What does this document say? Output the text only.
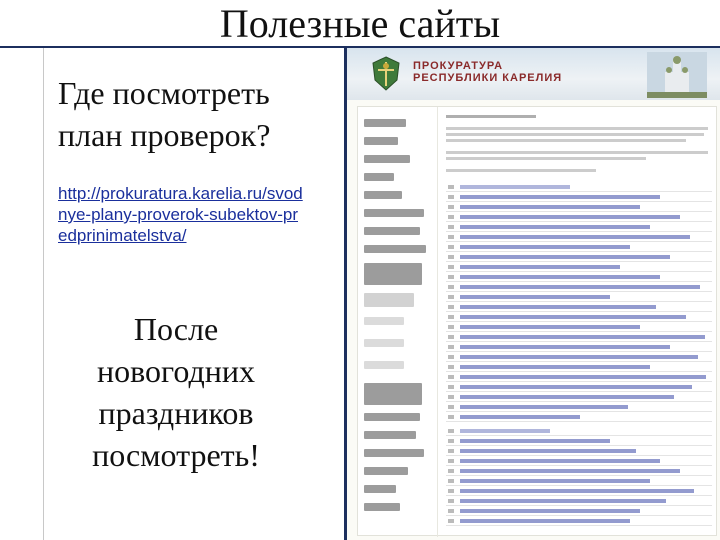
Полезные сайты
Где посмотреть план проверок?
http://prokuratura.karelia.ru/svodnye-plany-proverok-subektov-predprinimatelstva/
После новогодних праздников посмотреть!
ПРОКУРАТУРА
РЕСПУБЛИКИ КАРЕЛИЯ
